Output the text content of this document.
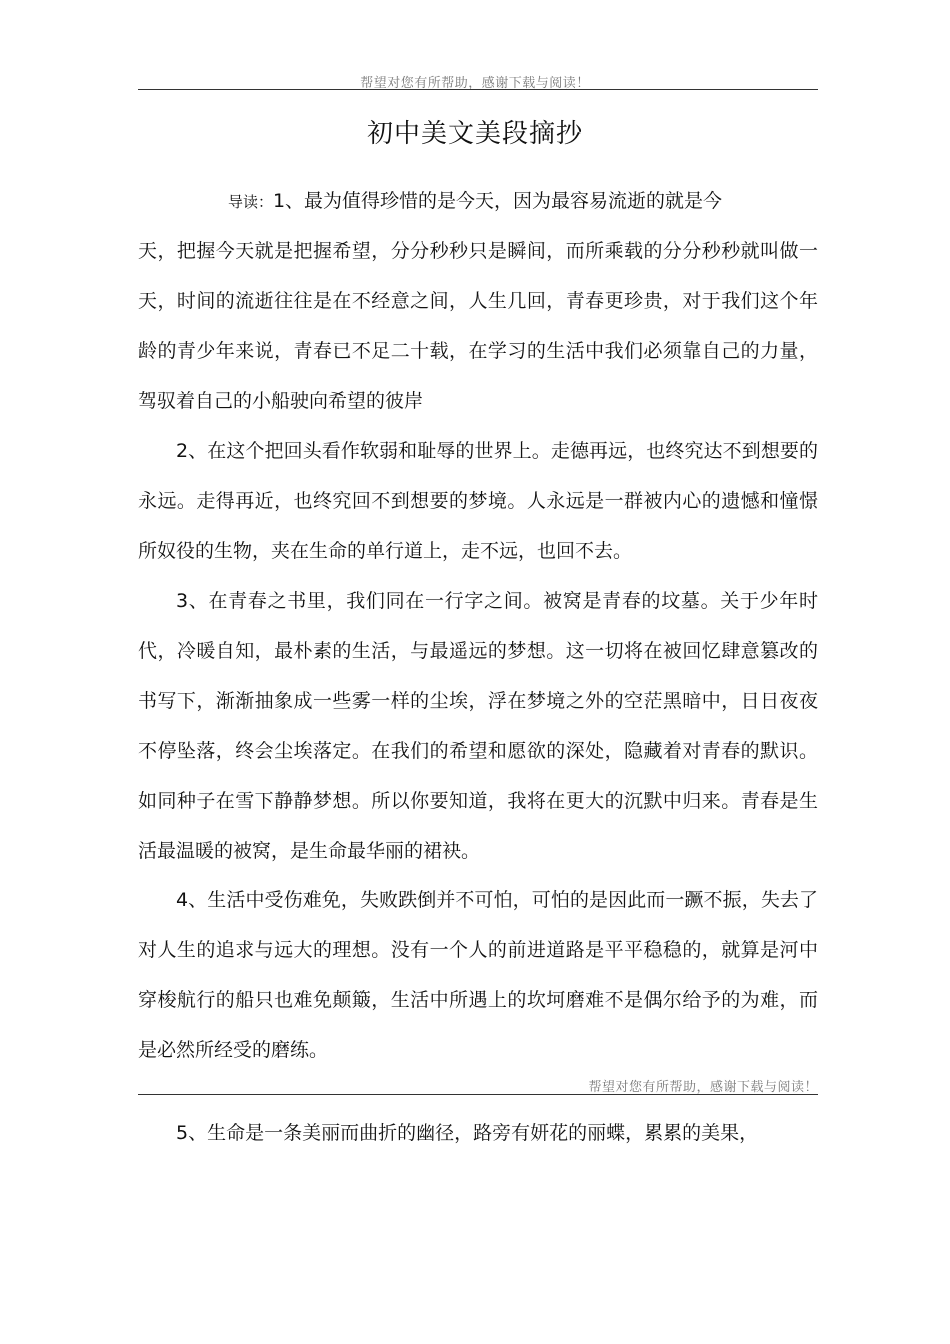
帮望对您有所帮助，感谢下载与阅读！
初中美文美段摘抄
导读：1、最为值得珍惜的是今天，因为最容易流逝的就是今

天，把握今天就是把握希望，分分秒秒只是瞬间，而所乘载的分分秒秒就叫做一天，时间的流逝往往是在不经意之间，人生几回，青春更珍贵，对于我们这个年龄的青少年来说，青春已不足二十载，在学习的生活中我们必须靠自己的力量，驾驭着自己的小船驶向希望的彼岸

2、在这个把回头看作软弱和耻辱的世界上。走德再远，也终究达不到想要的永远。走得再近，也终究回不到想要的梦境。人永远是一群被内心的遗憾和憧憬所奴役的生物，夹在生命的单行道上，走不远，也回不去。

3、在青春之书里，我们同在一行字之间。被窝是青春的坟墓。关于少年时代，冷暖自知，最朴素的生活，与最遥远的梦想。这一切将在被回忆肆意篡改的书写下，渐渐抽象成一些雾一样的尘埃，浮在梦境之外的空茫黑暗中，日日夜夜不停坠落，终会尘埃落定。在我们的希望和愿欲的深处，隐藏着对青春的默识。如同种子在雪下静静梦想。所以你要知道，我将在更大的沉默中归来。青春是生活最温暖的被窝，是生命最华丽的裙袂。

4、生活中受伤难免，失败跌倒并不可怕，可怕的是因此而一蹶不振，失去了对人生的追求与远大的理想。没有一个人的前进道路是平平稳稳的，就算是河中穿梭航行的船只也难免颠簸，生活中所遇上的坎坷磨难不是偶尔给予的为难，而是必然所经受的磨练。

帮望对您有所帮助，感谢下载与阅读！

5、生命是一条美丽而曲折的幽径，路旁有妍花的丽蝶，累累的美果，
